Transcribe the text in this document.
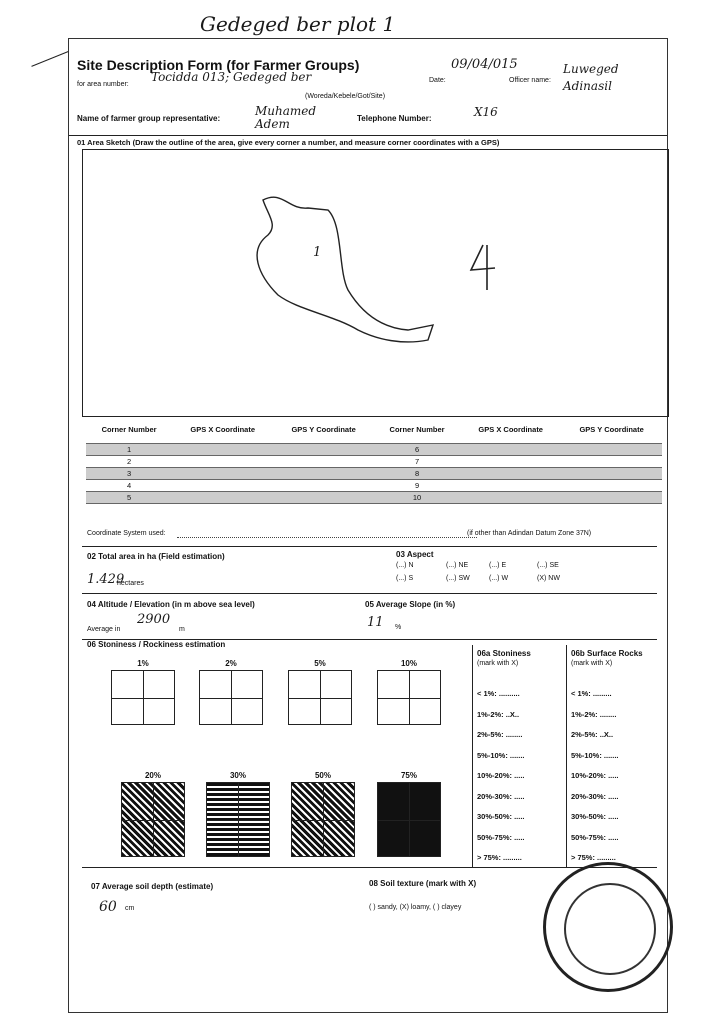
Gedeged ber plot 1
Site Description Form (for Farmer Groups)
for area number:
Tocidda 013; Gedeged ber
(Woreda/Kebele/Got/Site)
Date:
09/04/015
Officer name:
Luweged Adinasil
Name of farmer group representative:
Muhamed Adem	Telephone Number:	X16
01 Area Sketch (Draw the outline of the area, give every corner a number, and measure corner coordinates with a GPS)
1
Corner Number	GPS X Coordinate	GPS Y Coordinate	Corner Number	GPS X Coordinate	GPS Y Coordinate
1			6		
2			7		
3			8		
4			9		
5			10		
Coordinate System used:	(if other than Adindan Datum Zone 37N)
02 Total area in ha (Field estimation)
1.429
hectares
03 Aspect
(...) N	(...) NE	(...) E	(...) SE
(...) S	(...) SW	(...) W	(X) NW
04 Altitude / Elevation (in m above sea level)
Average in
2900
m
05 Average Slope (in %)
11 %
06 Stoniness / Rockiness estimation
1%	2%	5%	10%
20%	30%	50%	75%
06a Stoniness
(mark with X)
06b Surface Rocks
(mark with X)
< 1%: ..........
1%-2%: ..X..
2%-5%: ........
5%-10%: .......
10%-20%: .....
20%-30%: .....
30%-50%: .....
50%-75%: .....
> 75%: .........
< 1%: .........
1%-2%: ........
2%-5%: ..X..
5%-10%: .......
10%-20%: .....
20%-30%: .....
30%-50%: .....
50%-75%: .....
> 75%: .........
07 Average soil depth (estimate)
60 cm
08 Soil texture (mark with X)
( ) sandy, (X) loamy, ( ) clayey
